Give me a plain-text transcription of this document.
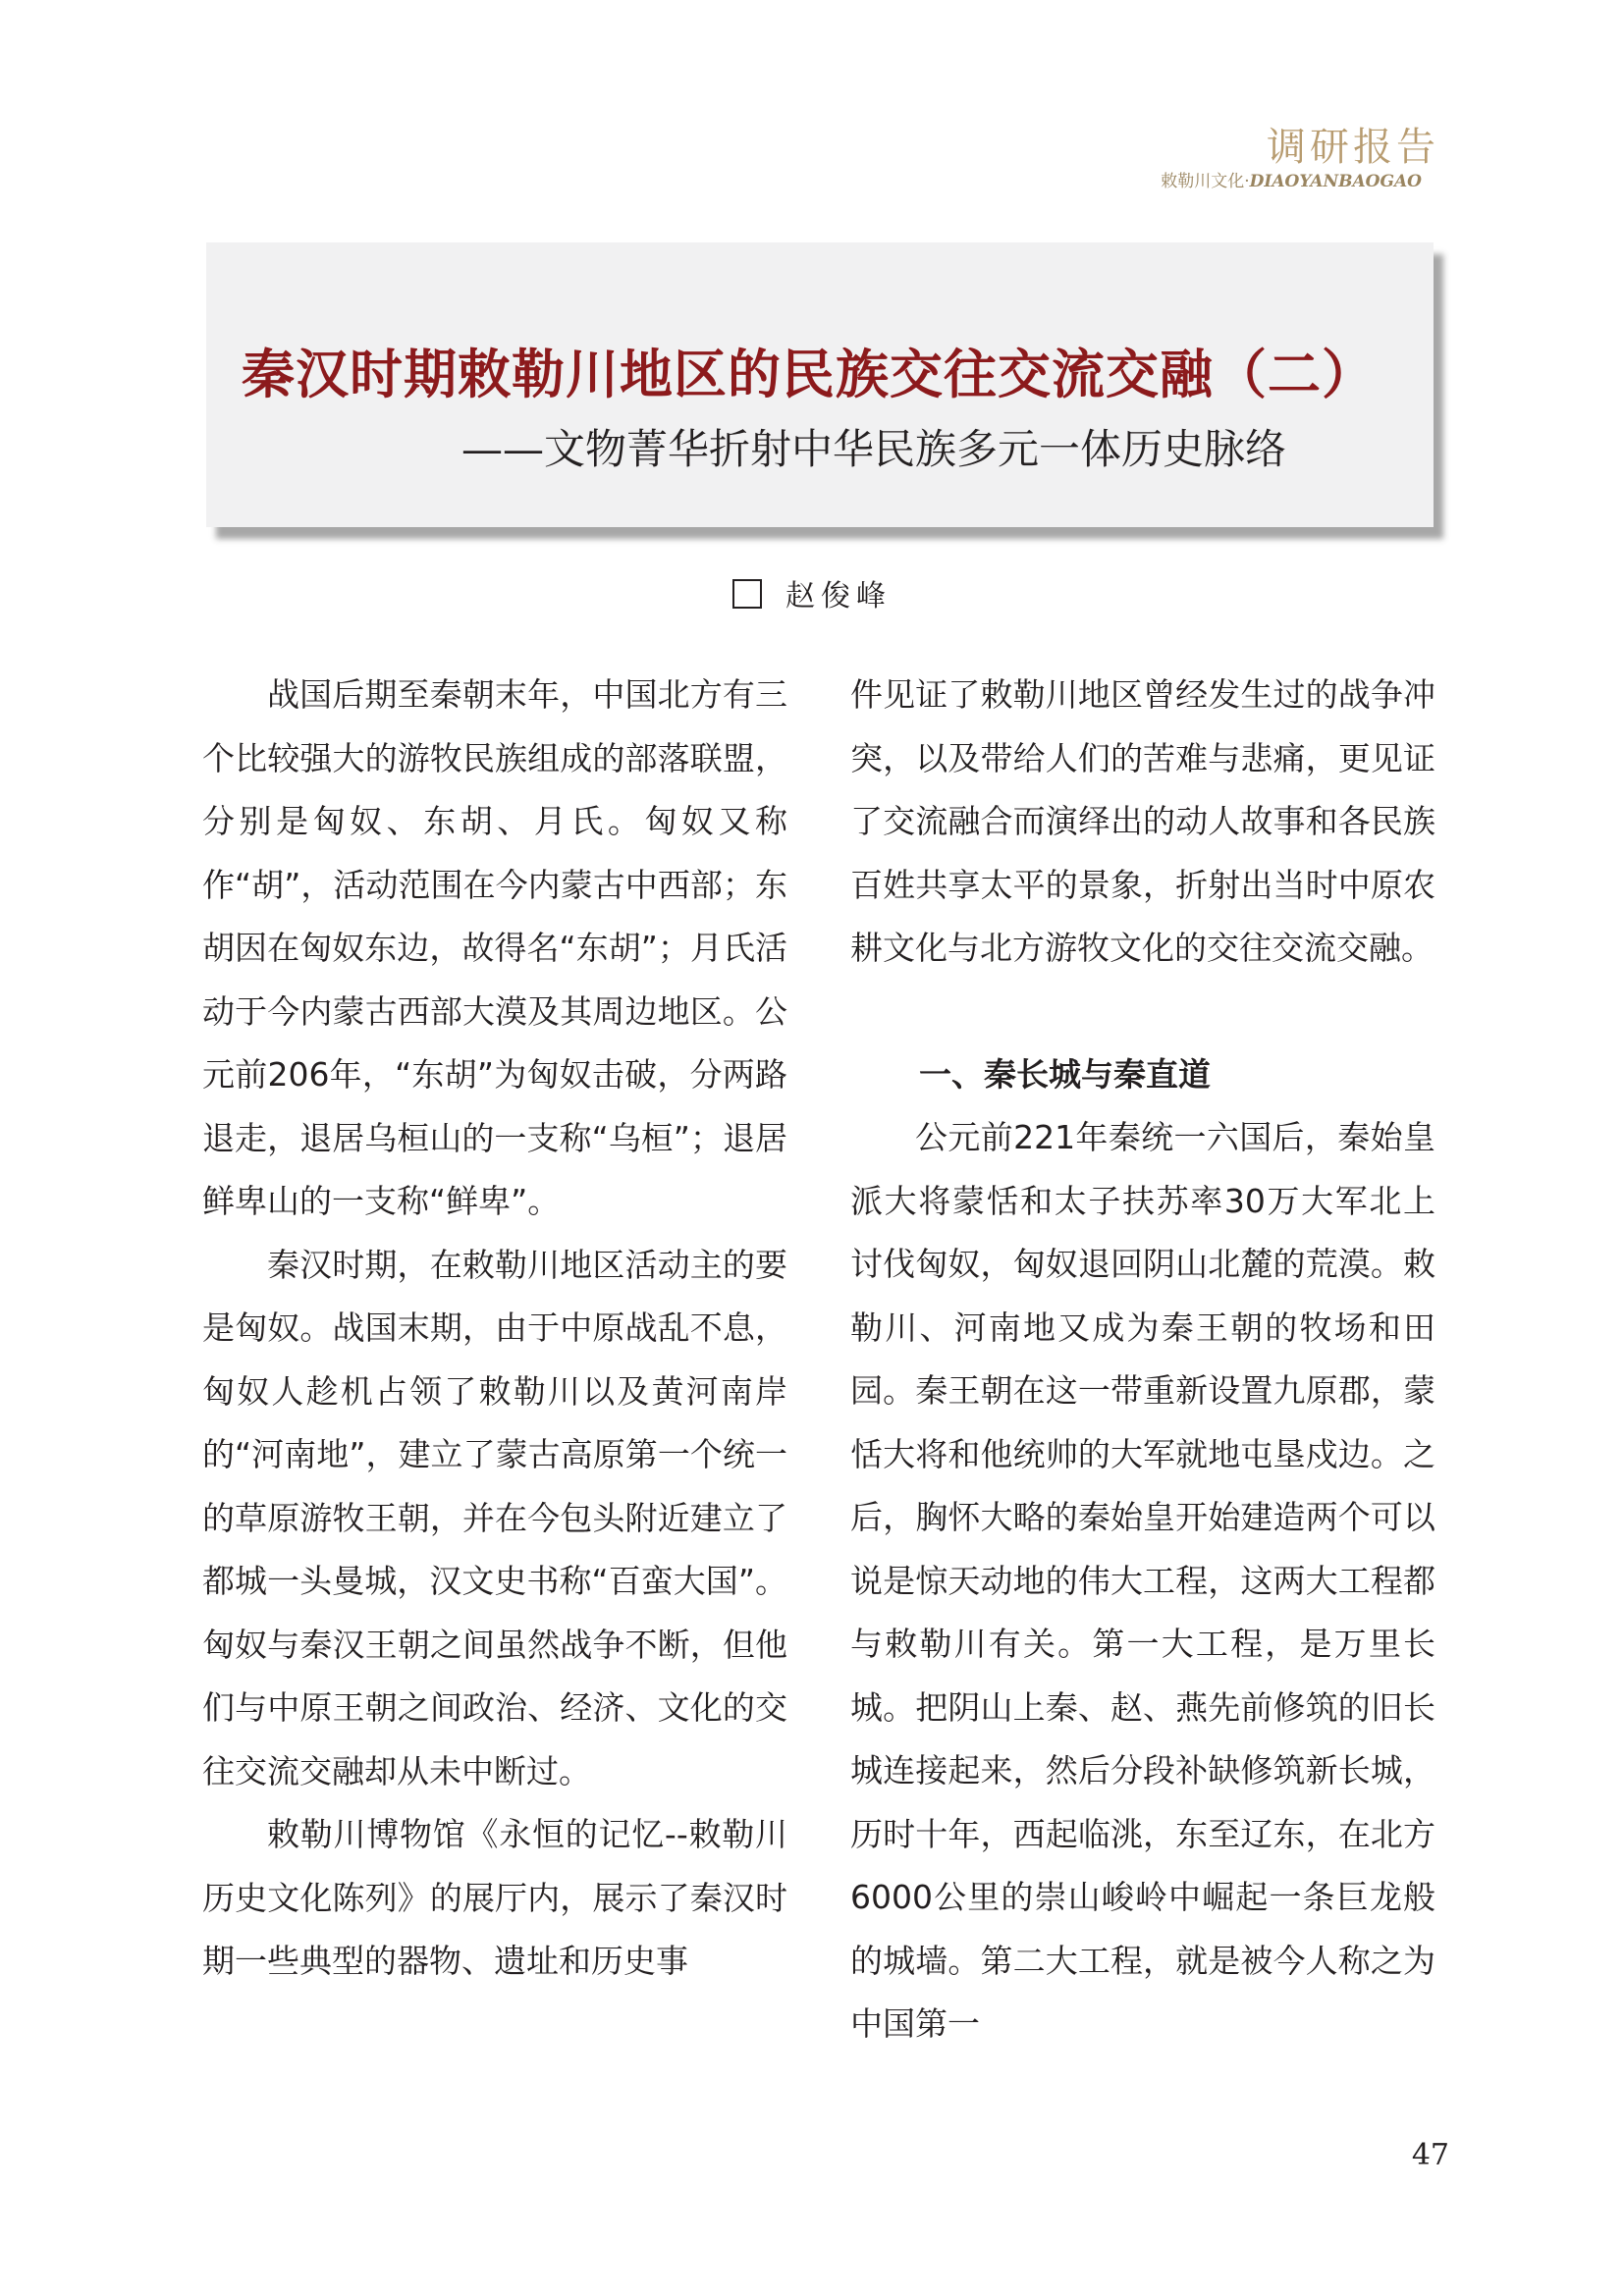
调研报告
敕勒川文化·DIAOYANBAOGAO
秦汉时期敕勒川地区的民族交往交流交融（二）
——文物菁华折射中华民族多元一体历史脉络
赵俊峰

战国后期至秦朝末年，中国北方有三个比较强大的游牧民族组成的部落联盟，分别是匈奴、东胡、月氏。匈奴又称作“胡”，活动范围在今内蒙古中西部；东胡因在匈奴东边，故得名“东胡”；月氏活动于今内蒙古西部大漠及其周边地区。公元前206年，“东胡”为匈奴击破，分两路退走，退居乌桓山的一支称“乌桓”；退居鲜卑山的一支称“鲜卑”。

秦汉时期，在敕勒川地区活动主的要是匈奴。战国末期，由于中原战乱不息，匈奴人趁机占领了敕勒川以及黄河南岸的“河南地”，建立了蒙古高原第一个统一的草原游牧王朝，并在今包头附近建立了都城一头曼城，汉文史书称“百蛮大国”。匈奴与秦汉王朝之间虽然战争不断，但他们与中原王朝之间政治、经济、文化的交往交流交融却从未中断过。

敕勒川博物馆《永恒的记忆--敕勒川历史文化陈列》的展厅内，展示了秦汉时期一些典型的器物、遗址和历史事

件见证了敕勒川地区曾经发生过的战争冲突，以及带给人们的苦难与悲痛，更见证了交流融合而演绎出的动人故事和各民族百姓共享太平的景象，折射出当时中原农耕文化与北方游牧文化的交往交流交融。

一、秦长城与秦直道

公元前221年秦统一六国后，秦始皇派大将蒙恬和太子扶苏率30万大军北上讨伐匈奴，匈奴退回阴山北麓的荒漠。敕勒川、河南地又成为秦王朝的牧场和田园。秦王朝在这一带重新设置九原郡，蒙恬大将和他统帅的大军就地屯垦戍边。之后，胸怀大略的秦始皇开始建造两个可以说是惊天动地的伟大工程，这两大工程都与敕勒川有关。第一大工程，是万里长城。把阴山上秦、赵、燕先前修筑的旧长城连接起来，然后分段补缺修筑新长城，历时十年，西起临洮，东至辽东，在北方6000公里的崇山峻岭中崛起一条巨龙般的城墙。第二大工程，就是被今人称之为中国第一

47
